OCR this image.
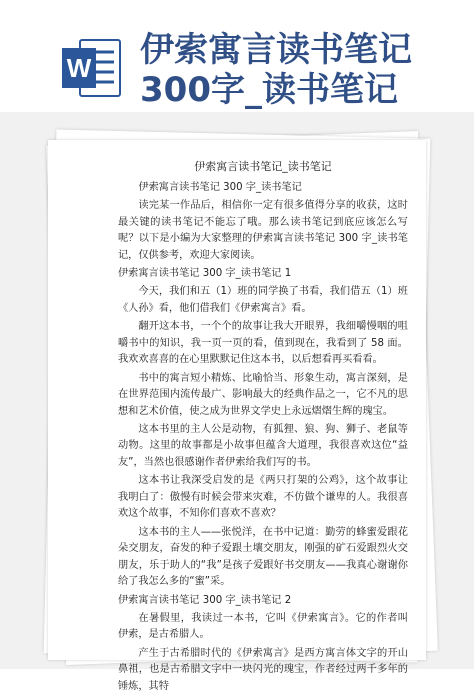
W 伊索寓言读书笔记
300字_读书笔记
伊索寓言读书笔记_读书笔记
伊索寓言读书笔记 300 字_读书笔记
读完某一作品后，相信你一定有很多值得分享的收获，这时最关键的读书笔记不能忘了哦。那么读书笔记到底应该怎么写呢？以下是小编为大家整理的伊索寓言读书笔记 300 字_读书笔记，仅供参考，欢迎大家阅读。
伊索寓言读书笔记 300 字_读书笔记 1
今天，我们和五（1）班的同学换了书看，我们借五（1）班《人孙》看，他们借我们《伊索寓言》看。
翻开这本书，一个个的故事让我大开眼界，我细嚼慢咽的咀嚼书中的知识，我一页一页的看，值到现在，我看到了 58 面。我欢欢喜喜的在心里默默记住这本书，以后想看再买看看。
书中的寓言短小精炼、比喻恰当、形象生动，寓言深刻，是在世界范围内流传最广、影响最大的经典作品之一，它不凡的思想和艺术价值，使之成为世界文学史上永远熠熠生辉的瑰宝。
这本书里的主人公是动物，有狐狸、狼、狗、狮子、老鼠等动物。这里的故事都是小故事但蕴含大道理，我很喜欢这位“益友”，当然也很感谢作者伊索给我们写的书。
这本书让我深受启发的是《两只打架的公鸡》，这个故事让我明白了：傲慢有时候会带来灾难，不仿做个谦卑的人。我很喜欢这个故事，不知你们喜欢不喜欢？
这本书的主人——张悦洋，在书中记道：勤劳的蜂蜜爱跟花朵交朋友，奋发的种子爱跟土壤交朋友，刚强的矿石爱跟烈火交朋友，乐于助人的“我”是孩子爱跟好书交朋友——我真心谢谢你给了我怎么多的“蜜”采。
伊索寓言读书笔记 300 字_读书笔记 2
在暑假里，我读过一本书，它叫《伊索寓言》。它的作者叫伊索，是古希腊人。
产生于古希腊时代的《伊索寓言》是西方寓言体文字的开山鼻祖，也是古希腊文字中一块闪光的瑰宝，作者经过两千多年的锤炼，其特
